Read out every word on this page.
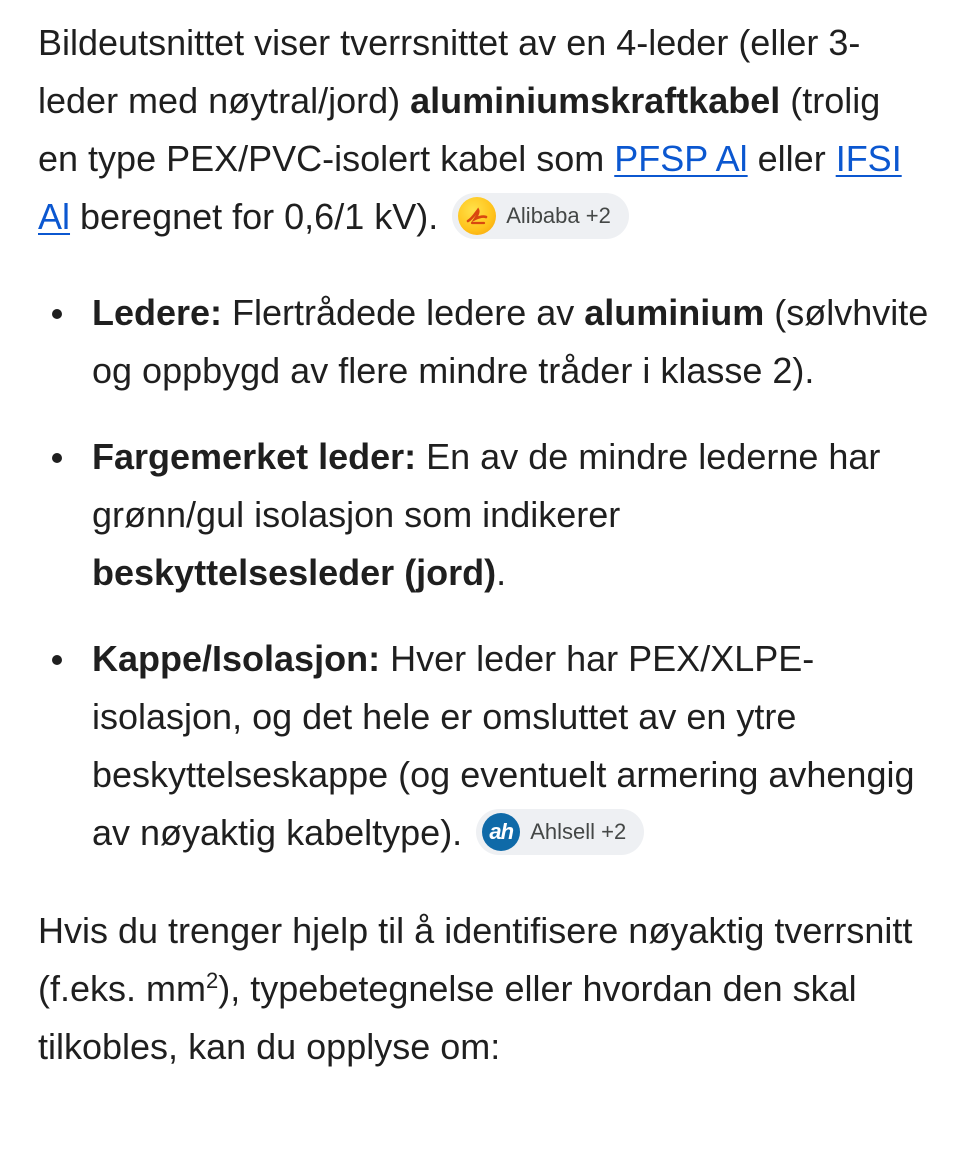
Bildeutsnittet viser tverrsnittet av en 4-leder (eller 3-leder med nøytral/jord) aluminiumskraftkabel (trolig en type PEX/PVC-isolert kabel som PFSP Al eller IFSI Al beregnet for 0,6/1 kV).	Alibaba +2

Ledere: Flertrådede ledere av aluminium (sølvhvite og oppbygd av flere mindre tråder i klasse 2).
Fargemerket leder: En av de mindre lederne har grønn/gul isolasjon som indikerer beskyttelsesleder (jord).
Kappe/Isolasjon: Hver leder har PEX/XLPE-isolasjon, og det hele er omsluttet av en ytre beskyttelseskappe (og eventuelt armering avhengig av nøyaktig kabeltype).	ah Ahlsell +2

Hvis du trenger hjelp til å identifisere nøyaktig tverrsnitt (f.eks. $mm^2$), typebetegnelse eller hvordan den skal tilkobles, kan du opplyse om:
